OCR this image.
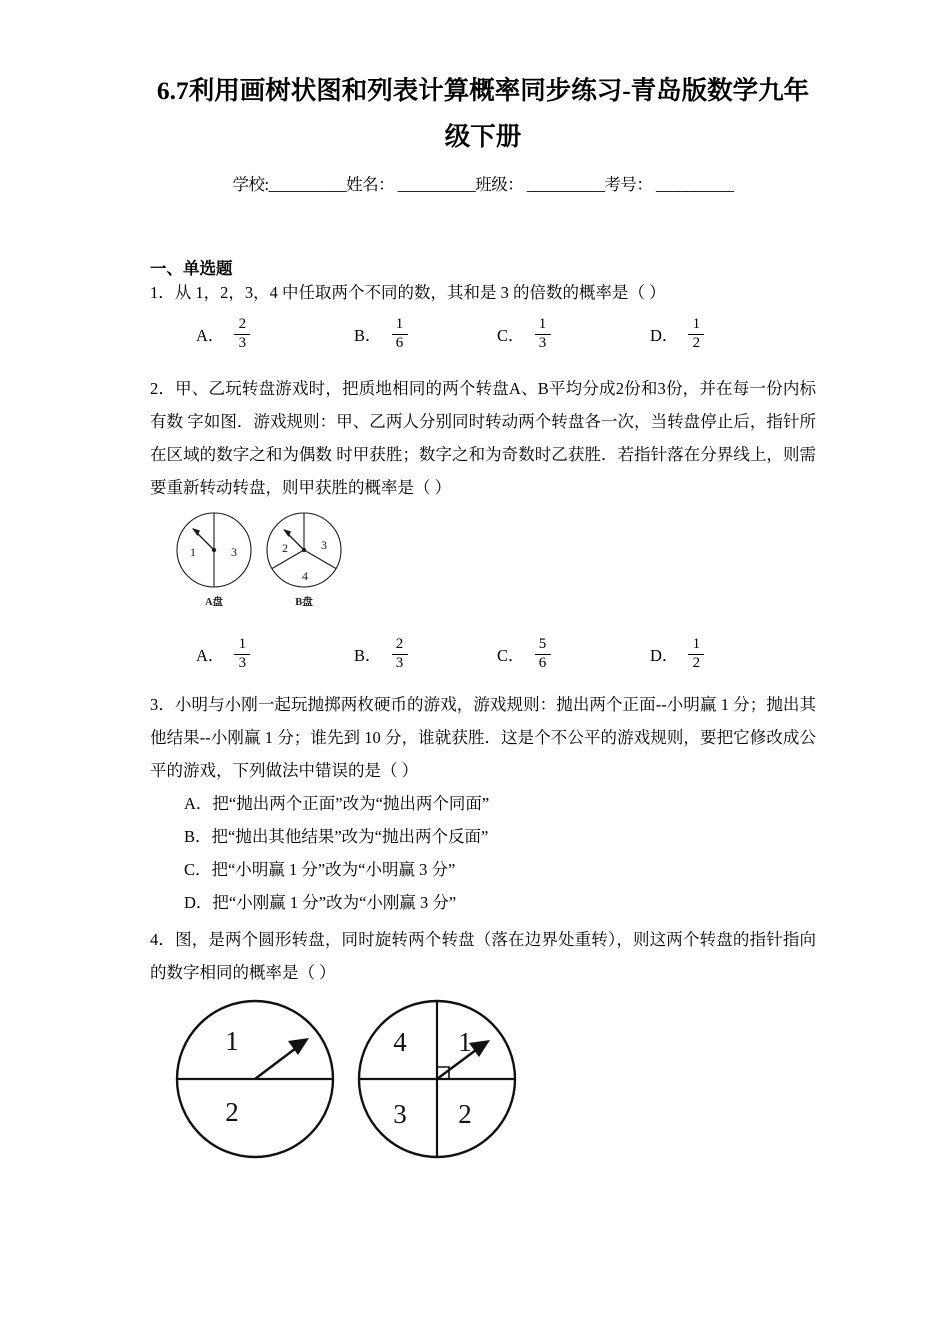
6.7利用画树状图和列表计算概率同步练习-青岛版数学九年
级下册
学校:__________姓名： __________班级： __________考号： __________
一、单选题
1．从 1，2，3，4 中任取两个不同的数，其和是 3 的倍数的概率是（ ）
A． $\frac{2}{3}$	B． $\frac{1}{6}$	C． $\frac{1}{3}$	D． $\frac{1}{2}$
2．甲、乙玩转盘游戏时，把质地相同的两个转盘A、B平均分成2份和3份，并在每一份内标有数 字如图．游戏规则：甲、乙两人分别同时转动两个转盘各一次，当转盘停止后，指针所在区域的数字之和为偶数 时甲获胜；数字之和为奇数时乙获胜．若指针落在分界线上，则需要重新转动转盘，则甲获胜的概率是（ ）
1	3	2	3
4
A盘	B盘
A． $\frac{1}{3}$	B． $\frac{2}{3}$	C． $\frac{5}{6}$	D． $\frac{1}{2}$
3．小明与小刚一起玩抛掷两枚硬币的游戏，游戏规则：抛出两个正面--小明赢 1 分；抛出其他结果--小刚赢 1 分；谁先到 10 分，谁就获胜．这是个不公平的游戏规则，要把它修改成公平的游戏，下列做法中错误的是（ ）
A．把“抛出两个正面”改为“抛出两个同面”
B．把“抛出其他结果”改为“抛出两个反面”
C．把“小明赢 1 分”改为“小明赢 3 分”
D．把“小刚赢 1 分”改为“小刚赢 3 分”
4．图，是两个圆形转盘，同时旋转两个转盘（落在边界处重转），则这两个转盘的指针指向的数字相同的概率是（ ）
1
2
4 1
3 2
